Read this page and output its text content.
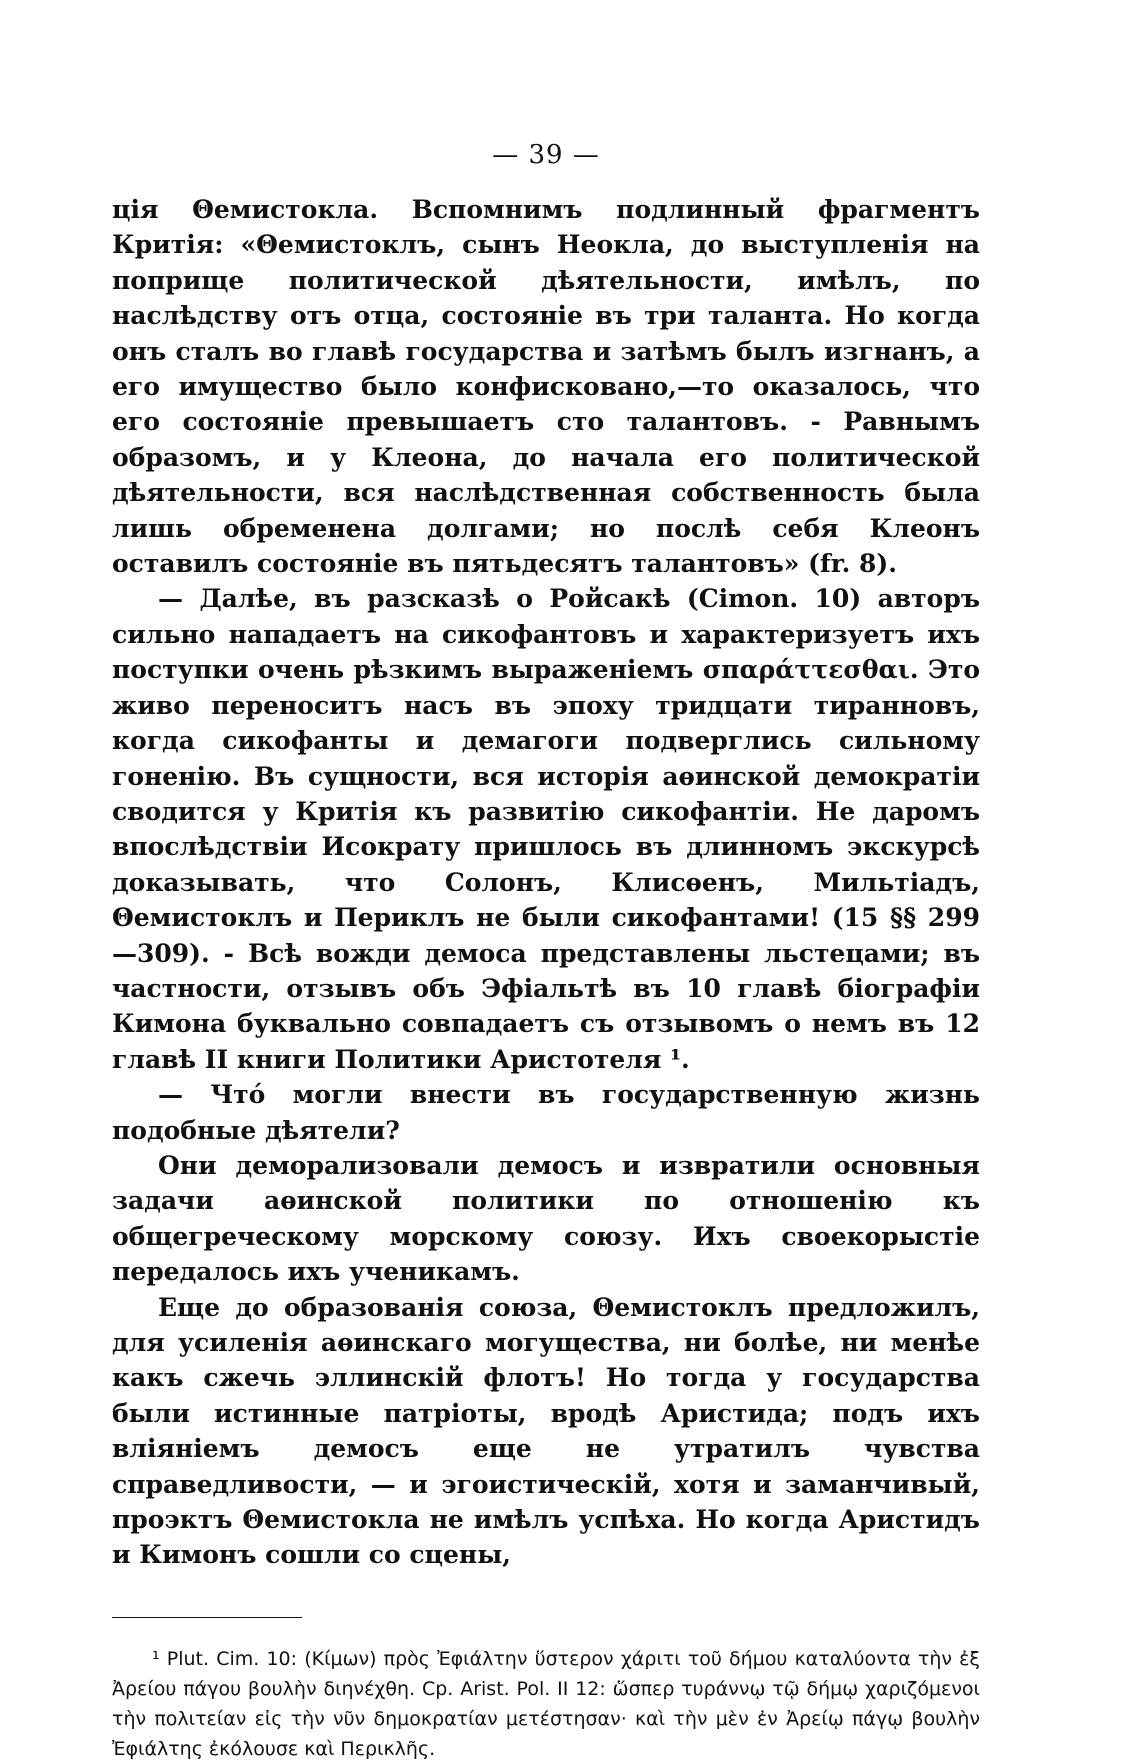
— 39 —

ція Θемистокла. Вспомнимъ подлинный фрагментъ Критія: «Θемистоклъ, сынъ Неокла, до выступленія на поприще политической дѣятельности, имѣлъ, по наслѣдству отъ отца, состояніе въ три таланта. Но когда онъ сталъ во главѣ государства и затѣмъ былъ изгнанъ, а его имущество было конфисковано,—то оказалось, что его состояніе превышаетъ сто талантовъ. - Равнымъ образомъ, и у Клеона, до начала его политической дѣятельности, вся наслѣдственная собственность была лишь обременена долгами; но послѣ себя Клеонъ оставилъ состояніе въ пятьдесятъ талантовъ» (fr. 8).

— Далѣе, въ разсказѣ о Ройсакѣ (Cimon. 10) авторъ сильно нападаетъ на сикофантовъ и характеризуетъ ихъ поступки очень рѣзкимъ выраженіемъ σπαράττεσθαι. Это живо переноситъ насъ въ эпоху тридцати тиранновъ, когда сикофанты и демагоги подверглись сильному гоненію. Въ сущности, вся исторія аѳинской демократіи сводится у Критія къ развитію сикофантіи. Не даромъ впослѣдствіи Исократу пришлось въ длинномъ экскурсѣ доказывать, что Солонъ, Клисѳенъ, Мильтіадъ, Θемистоклъ и Периклъ не были сикофантами! (15 §§ 299—309). - Всѣ вожди демоса представлены льстецами; въ частности, отзывъ объ Эфіальтѣ въ 10 главѣ біографіи Кимона буквально совпадаетъ съ отзывомъ о немъ въ 12 главѣ II книги Политики Аристотеля ¹.

— Чтó могли внести въ государственную жизнь подобные дѣятели?

Они деморализовали демосъ и извратили основныя задачи аѳинской политики по отношенію къ общегреческому морскому союзу. Ихъ своекорыстіе передалось ихъ ученикамъ.

Еще до образованія союза, Θемистоклъ предложилъ, для усиленія аѳинскаго могущества, ни болѣе, ни менѣе какъ сжечь эллинскій флотъ! Но тогда у государства были истинные патріоты, вродѣ Аристида; подъ ихъ вліяніемъ демосъ еще не утратилъ чувства справедливости, — и эгоистическій, хотя и заманчивый, проэктъ Θемистокла не имѣлъ успѣха. Но когда Аристидъ и Кимонъ сошли со сцены,

¹ Plut. Cim. 10: (Κίμων) πρὸς Ἐφιάλτην ὕστερον χάριτι τοῦ δήμου καταλύοντα τὴν ἐξ Ἀρείου πάγου βουλὴν διηνέχθη. Cp. Arist. Pol. II 12: ὥσπερ τυράννῳ τῷ δήμῳ χαριζόμενοι τὴν πολιτείαν εἰς τὴν νῦν δημοκρατίαν μετέστησαν· καὶ τὴν μὲν ἐν Ἀρείῳ πάγῳ βουλὴν Ἐφιάλτης ἐκόλουσε καὶ Περικλῆς.
